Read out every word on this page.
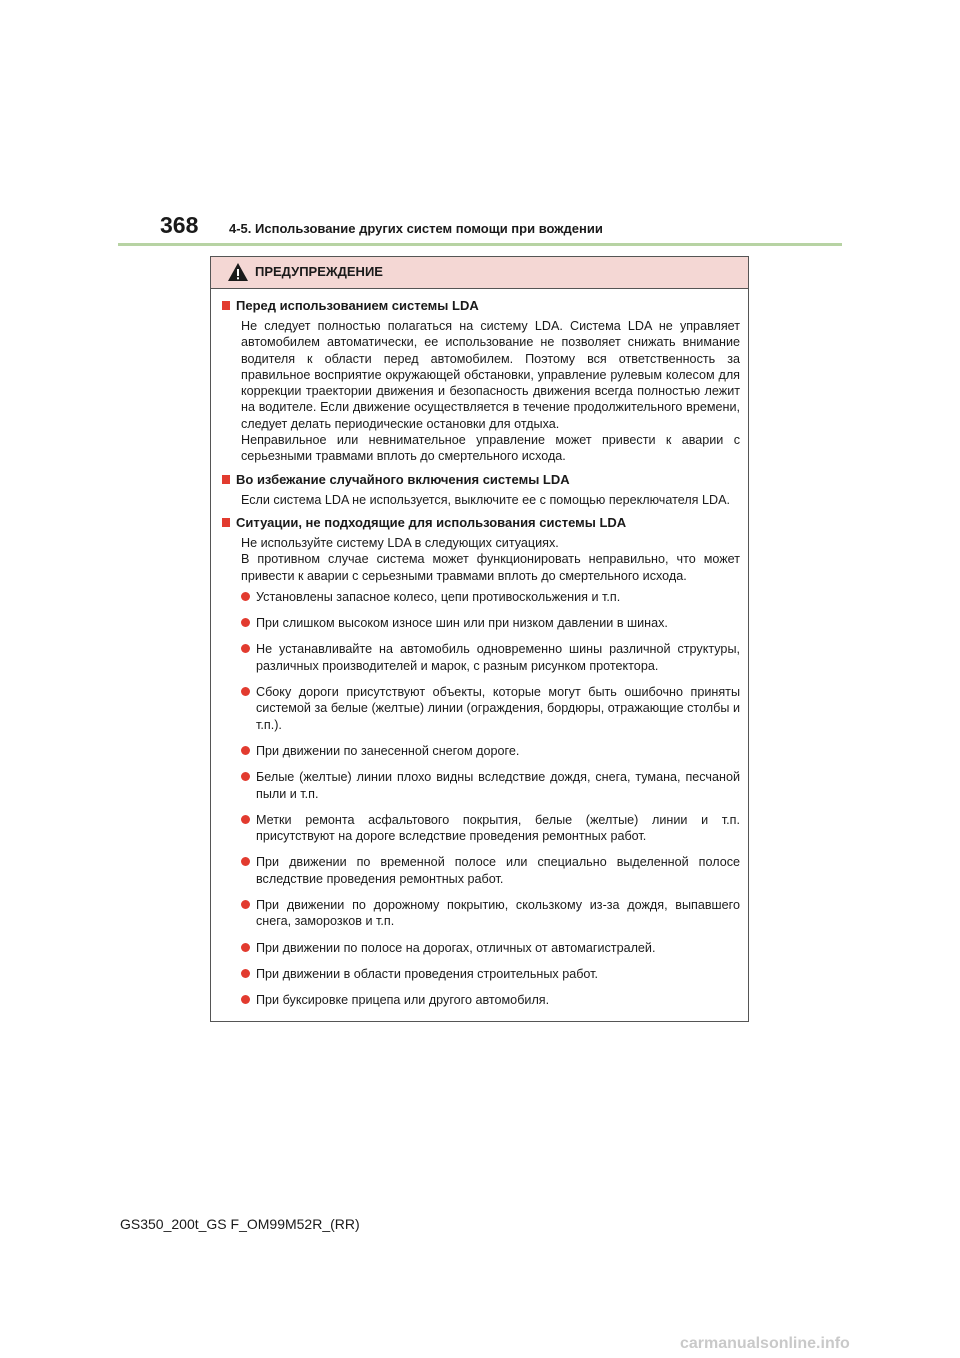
368 4-5. Использование других систем помощи при вождении
ПРЕДУПРЕЖДЕНИЕ
Перед использованием системы LDA

Не следует полностью полагаться на систему LDA. Система LDA не управляет автомобилем автоматически, ее использование не позволяет снижать внимание водителя к области перед автомобилем. Поэтому вся ответственность за правильное восприятие окружающей обстановки, управление рулевым колесом для коррекции траектории движения и безопасность движения всегда полностью лежит на водителе. Если движение осуществляется в течение продолжительного времени, следует делать периодические остановки для отдыха.

Неправильное или невнимательное управление может привести к аварии с серьезными травмами вплоть до смертельного исхода.

Во избежание случайного включения системы LDA

Если система LDA не используется, выключите ее с помощью переключателя LDA.

Ситуации, не подходящие для использования системы LDA

Не используйте систему LDA в следующих ситуациях.

В противном случае система может функционировать неправильно, что может привести к аварии с серьезными травмами вплоть до смертельного исхода.

Установлены запасное колесо, цепи противоскольжения и т.п.
При слишком высоком износе шин или при низком давлении в шинах.
Не устанавливайте на автомобиль одновременно шины различной структуры, различных производителей и марок, с разным рисунком протектора.
Сбоку дороги присутствуют объекты, которые могут быть ошибочно приняты системой за белые (желтые) линии (ограждения, бордюры, отражающие столбы и т.п.).
При движении по занесенной снегом дороге.
Белые (желтые) линии плохо видны вследствие дождя, снега, тумана, песчаной пыли и т.п.
Метки ремонта асфальтового покрытия, белые (желтые) линии и т.п. присутствуют на дороге вследствие проведения ремонтных работ.
При движении по временной полосе или специально выделенной полосе вследствие проведения ремонтных работ.
При движении по дорожному покрытию, скользкому из-за дождя, выпавшего снега, заморозков и т.п.
При движении по полосе на дорогах, отличных от автомагистралей.
При движении в области проведения строительных работ.
При буксировке прицепа или другого автомобиля.
GS350_200t_GS F_OM99M52R_(RR)
carmanualsonline.info
